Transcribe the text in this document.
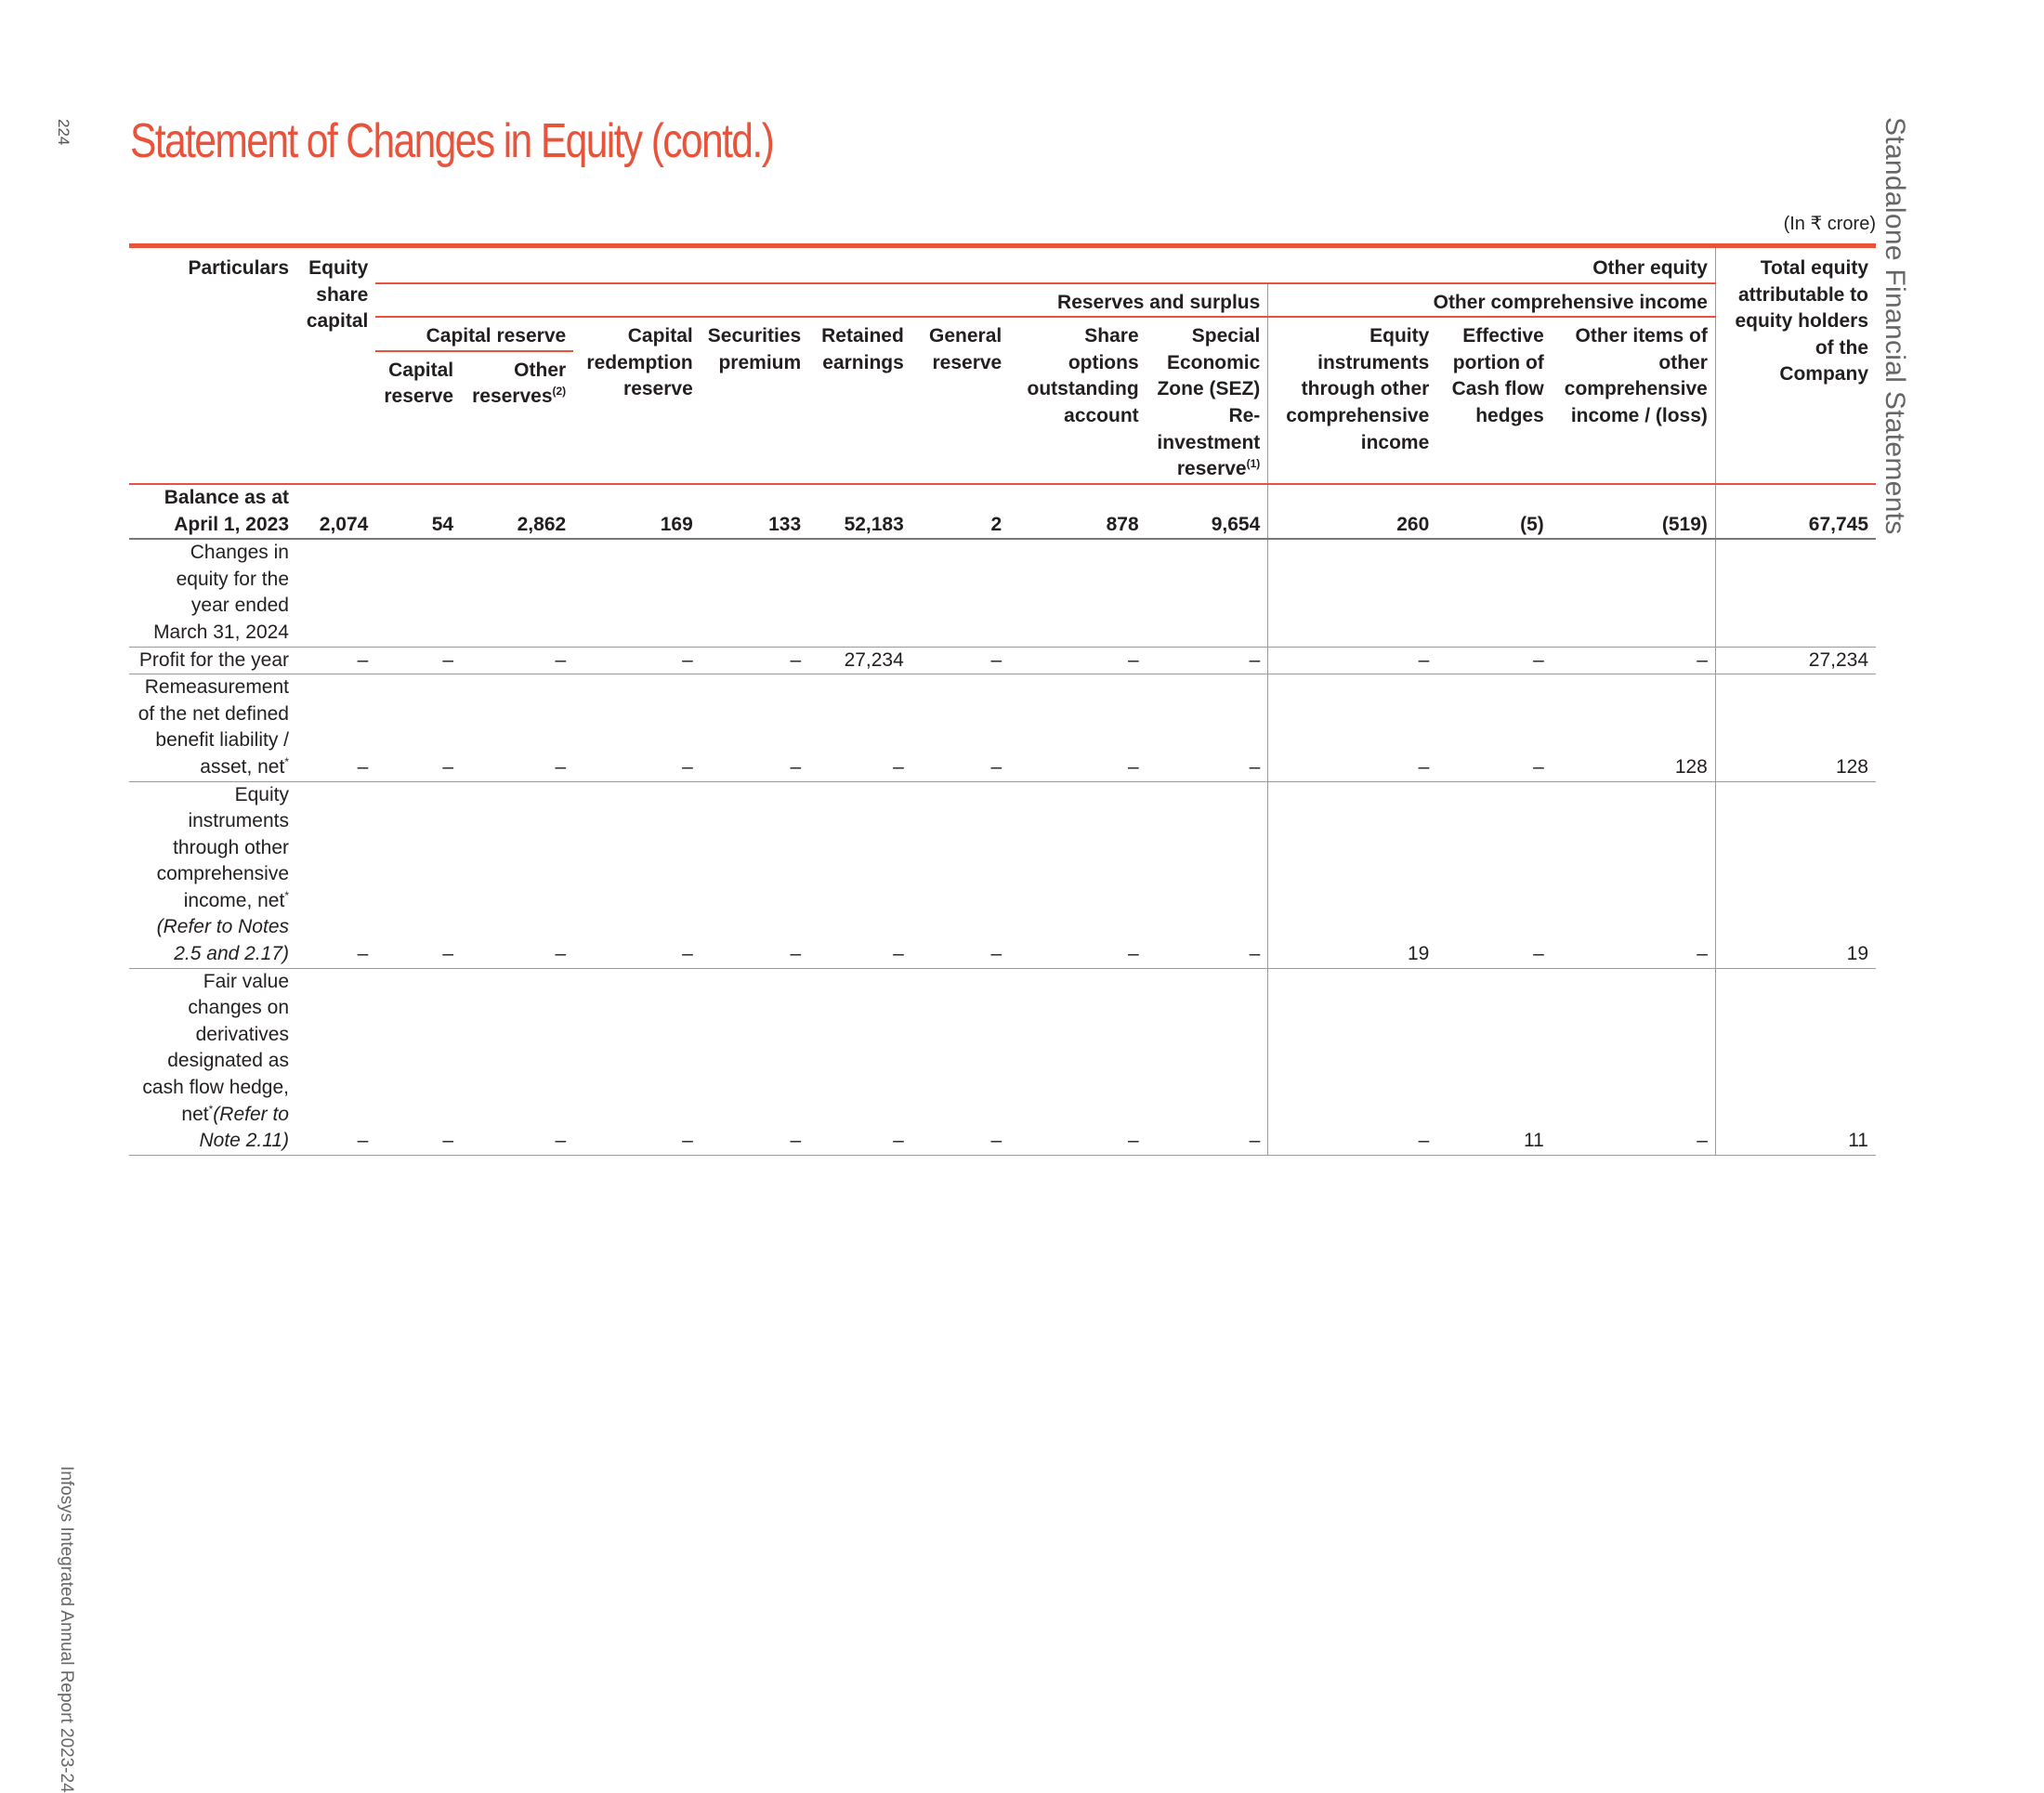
224	Standalone Financial Statements
Infosys Integrated Annual Report 2023-24
Statement of Changes in Equity (contd.)
(In ₹ crore)
Particulars	Equity share capital	Other equity											Total equity attributable to equity holders of the Company
		Reserves and surplus								Other comprehensive income			
		Capital reserve		Capital redemption reserve	Securities premium	Retained earnings	General reserve	Share options outstanding account	Special Economic Zone (SEZ) Re-investment reserve$^{(1)}$	Equity instruments through other comprehensive income	Effective portion of Cash flow hedges	Other items of other comprehensive income / (loss)	
		Capital reserve	Other reserves$^{(2)}$

Balance as at April 1, 2023	2,074	54	2,862	169	133	52,183	2	878	9,654	260	(5)	(519)	67,745
Changes in equity for the year ended March 31, 2024													
Profit for the year	–	–	–	–	–	27,234	–	–	–	–	–	–	27,234
Remeasurement of the net defined benefit liability / asset, net*	–	–	–	–	–	–	–	–	–	–	–	128	128
Equity instruments through other comprehensive income, net*
(Refer to Notes 2.5 and 2.17)	–	–	–	–	–	–	–	–	–	19	–	–	19
Fair value changes on derivatives designated as cash flow hedge, net*(Refer to Note 2.11)	–	–	–	–	–	–	–	–	–	–	11	–	11
